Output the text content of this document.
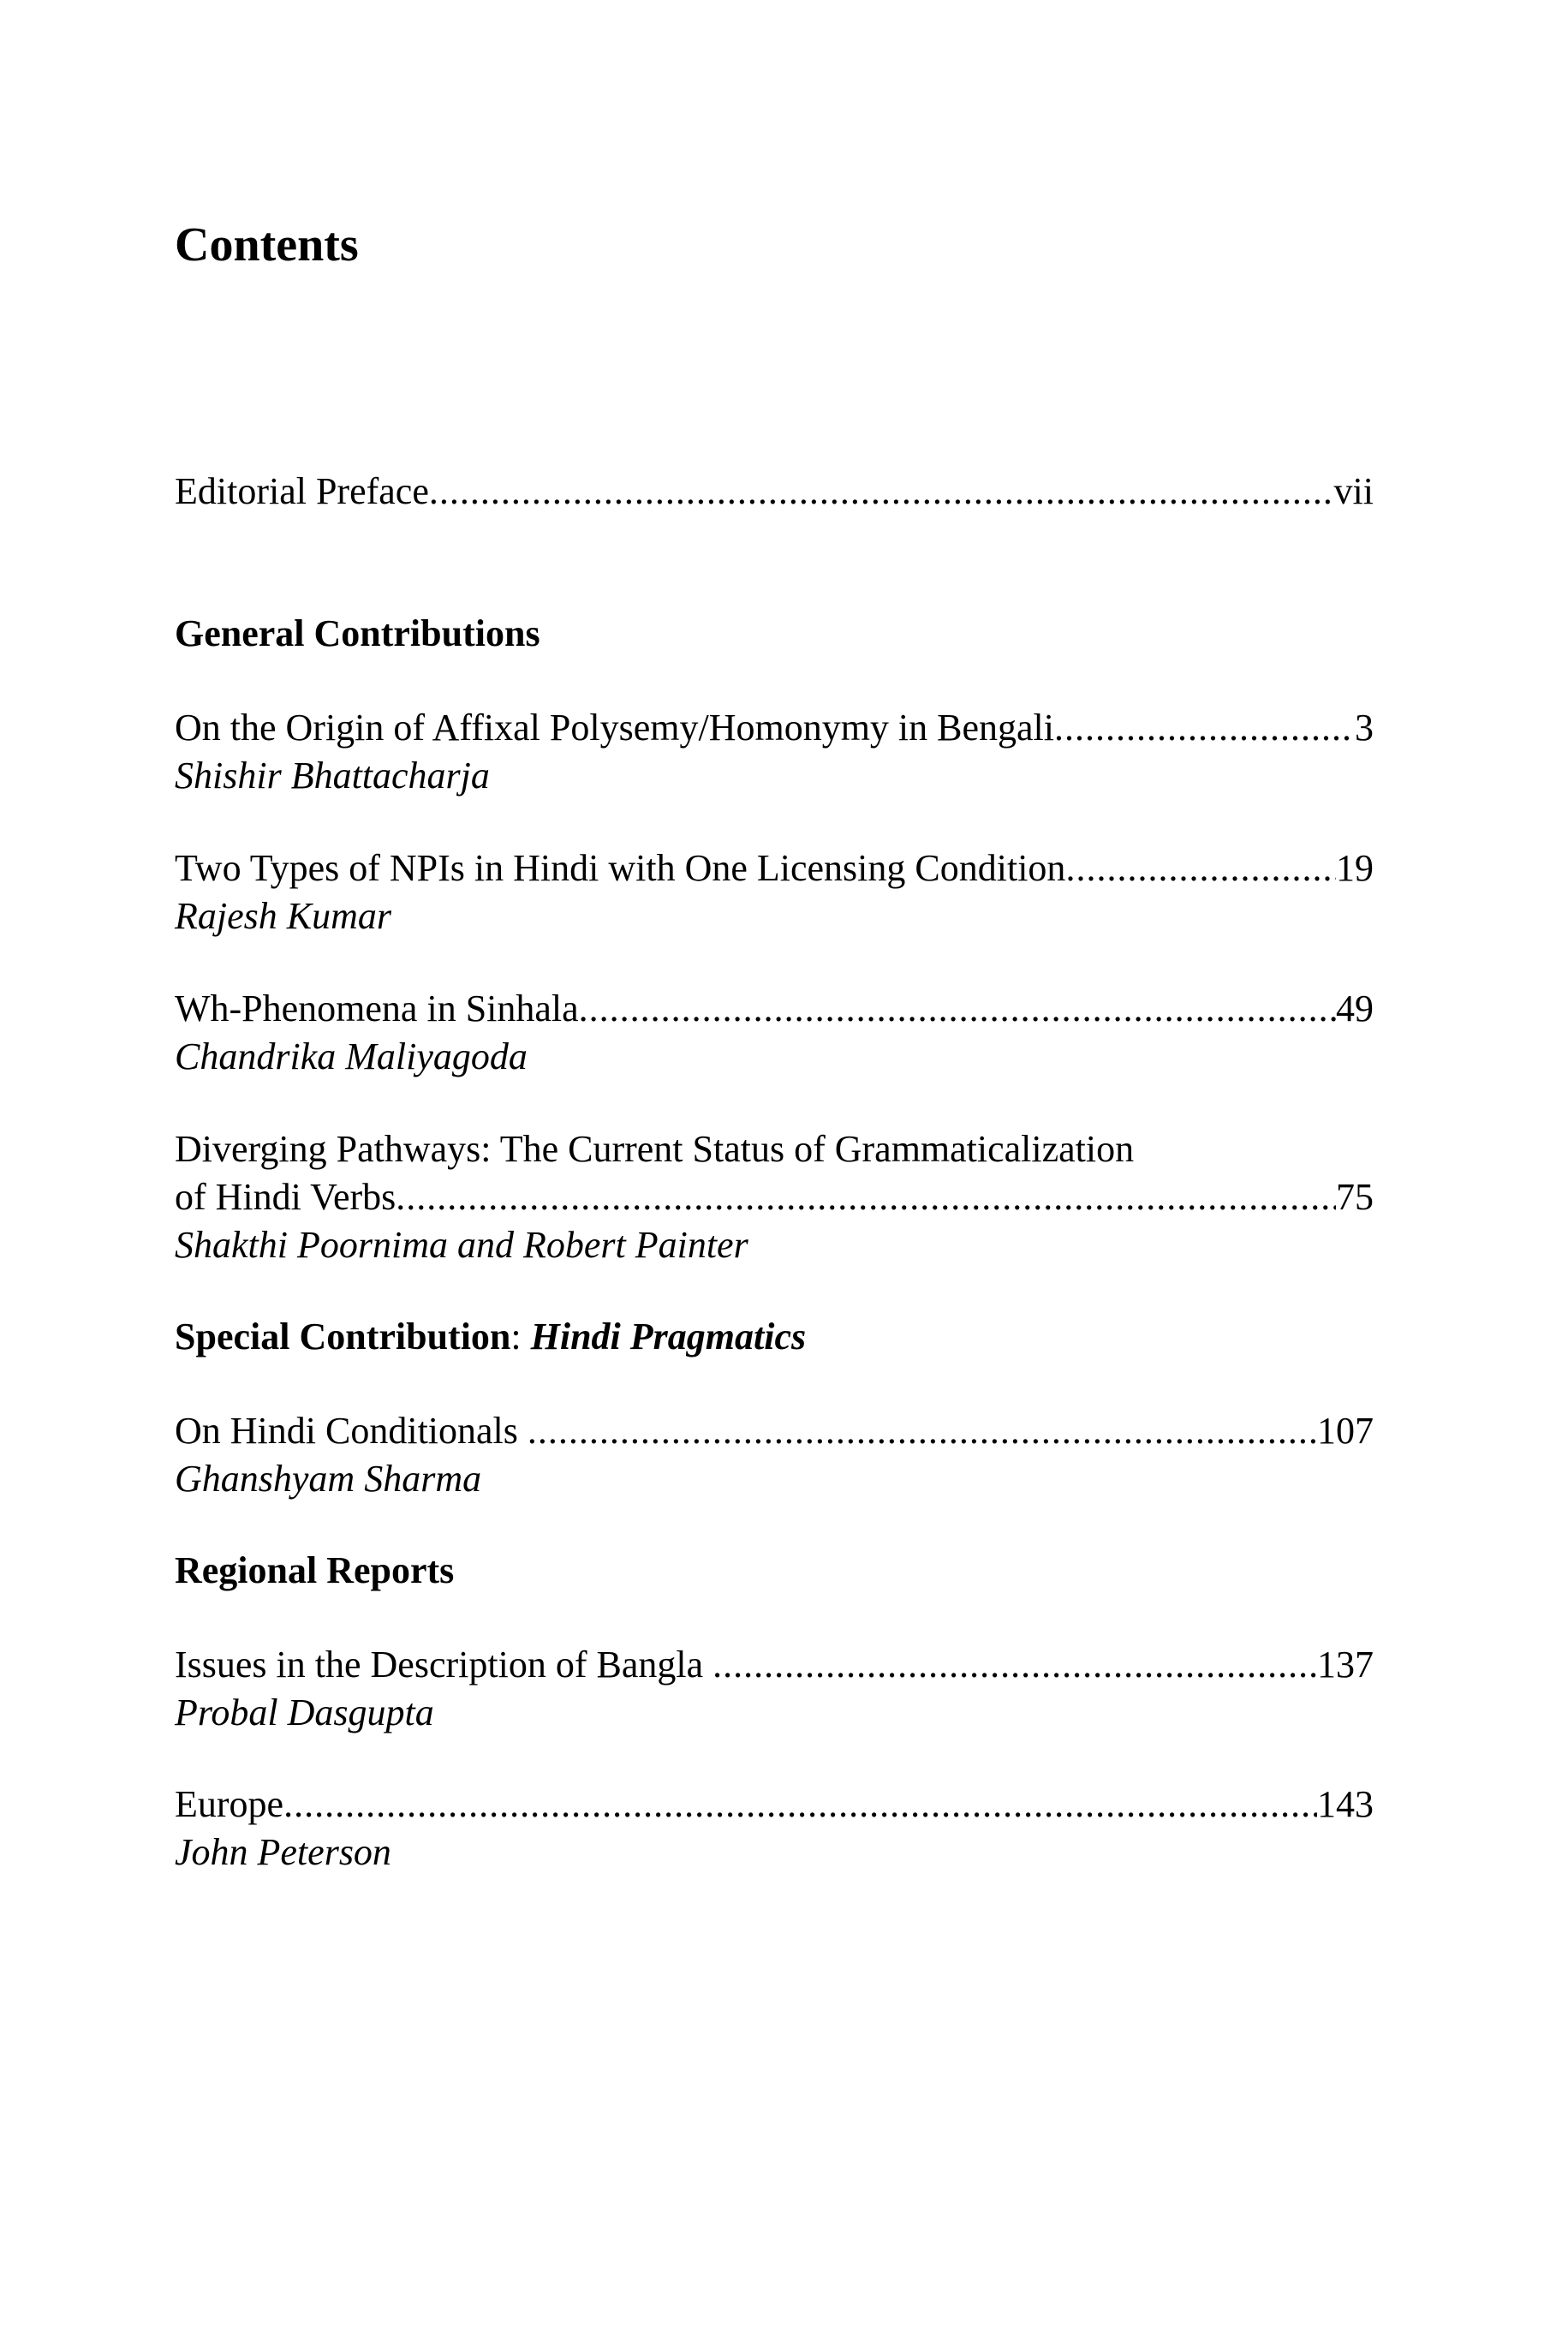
Contents
Editorial Preface .....	vii
General Contributions
On the Origin of Affixal Polysemy/Homonymy in Bengali .....	3
Shishir Bhattacharja
Two Types of NPIs in Hindi with One Licensing Condition .....	19
Rajesh Kumar
Wh-Phenomena in Sinhala .....	49
Chandrika Maliyagoda
Diverging Pathways: The Current Status of Grammaticalization
of Hindi Verbs .....	75
Shakthi Poornima and Robert Painter
Special Contribution: Hindi Pragmatics
On Hindi Conditionals .....	107
Ghanshyam Sharma
Regional Reports
Issues in the Description of Bangla .....	137
Probal Dasgupta
Europe .....	143
John Peterson
